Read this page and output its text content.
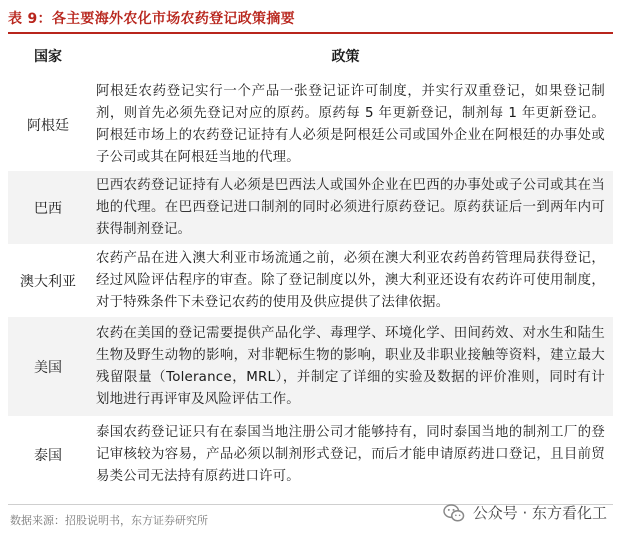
表 9：各主要海外农化市场农药登记政策摘要
国家	政策
阿根廷
阿根廷农药登记实行一个产品一张登记证许可制度，并实行双重登记，如果登记制剂，则首先必须先登记对应的原药。原药每 5 年更新登记，制剂每 1 年更新登记。阿根廷市场上的农药登记证持有人必须是阿根廷公司或国外企业在阿根廷的办事处或子公司或其在阿根廷当地的代理。
巴西
巴西农药登记证持有人必须是巴西法人或国外企业在巴西的办事处或子公司或其在当地的代理。在巴西登记进口制剂的同时必须进行原药登记。原药获证后一到两年内可获得制剂登记。
澳大利亚
农药产品在进入澳大利亚市场流通之前，必须在澳大利亚农药兽药管理局获得登记，经过风险评估程序的审查。除了登记制度以外，澳大利亚还设有农药许可使用制度，对于特殊条件下未登记农药的使用及供应提供了法律依据。
美国
农药在美国的登记需要提供产品化学、毒理学、环境化学、田间药效、对水生和陆生生物及野生动物的影响，对非靶标生物的影响，职业及非职业接触等资料，建立最大残留限量（Tolerance，MRL），并制定了详细的实验及数据的评价准则，同时有计划地进行再评审及风险评估工作。
泰国
泰国农药登记证只有在泰国当地注册公司才能够持有，同时泰国当地的制剂工厂的登记审核较为容易，产品必须以制剂形式登记，而后才能申请原药进口登记，且目前贸易类公司无法持有原药进口许可。
数据来源：招股说明书，东方证券研究所	公众号 · 东方看化工
